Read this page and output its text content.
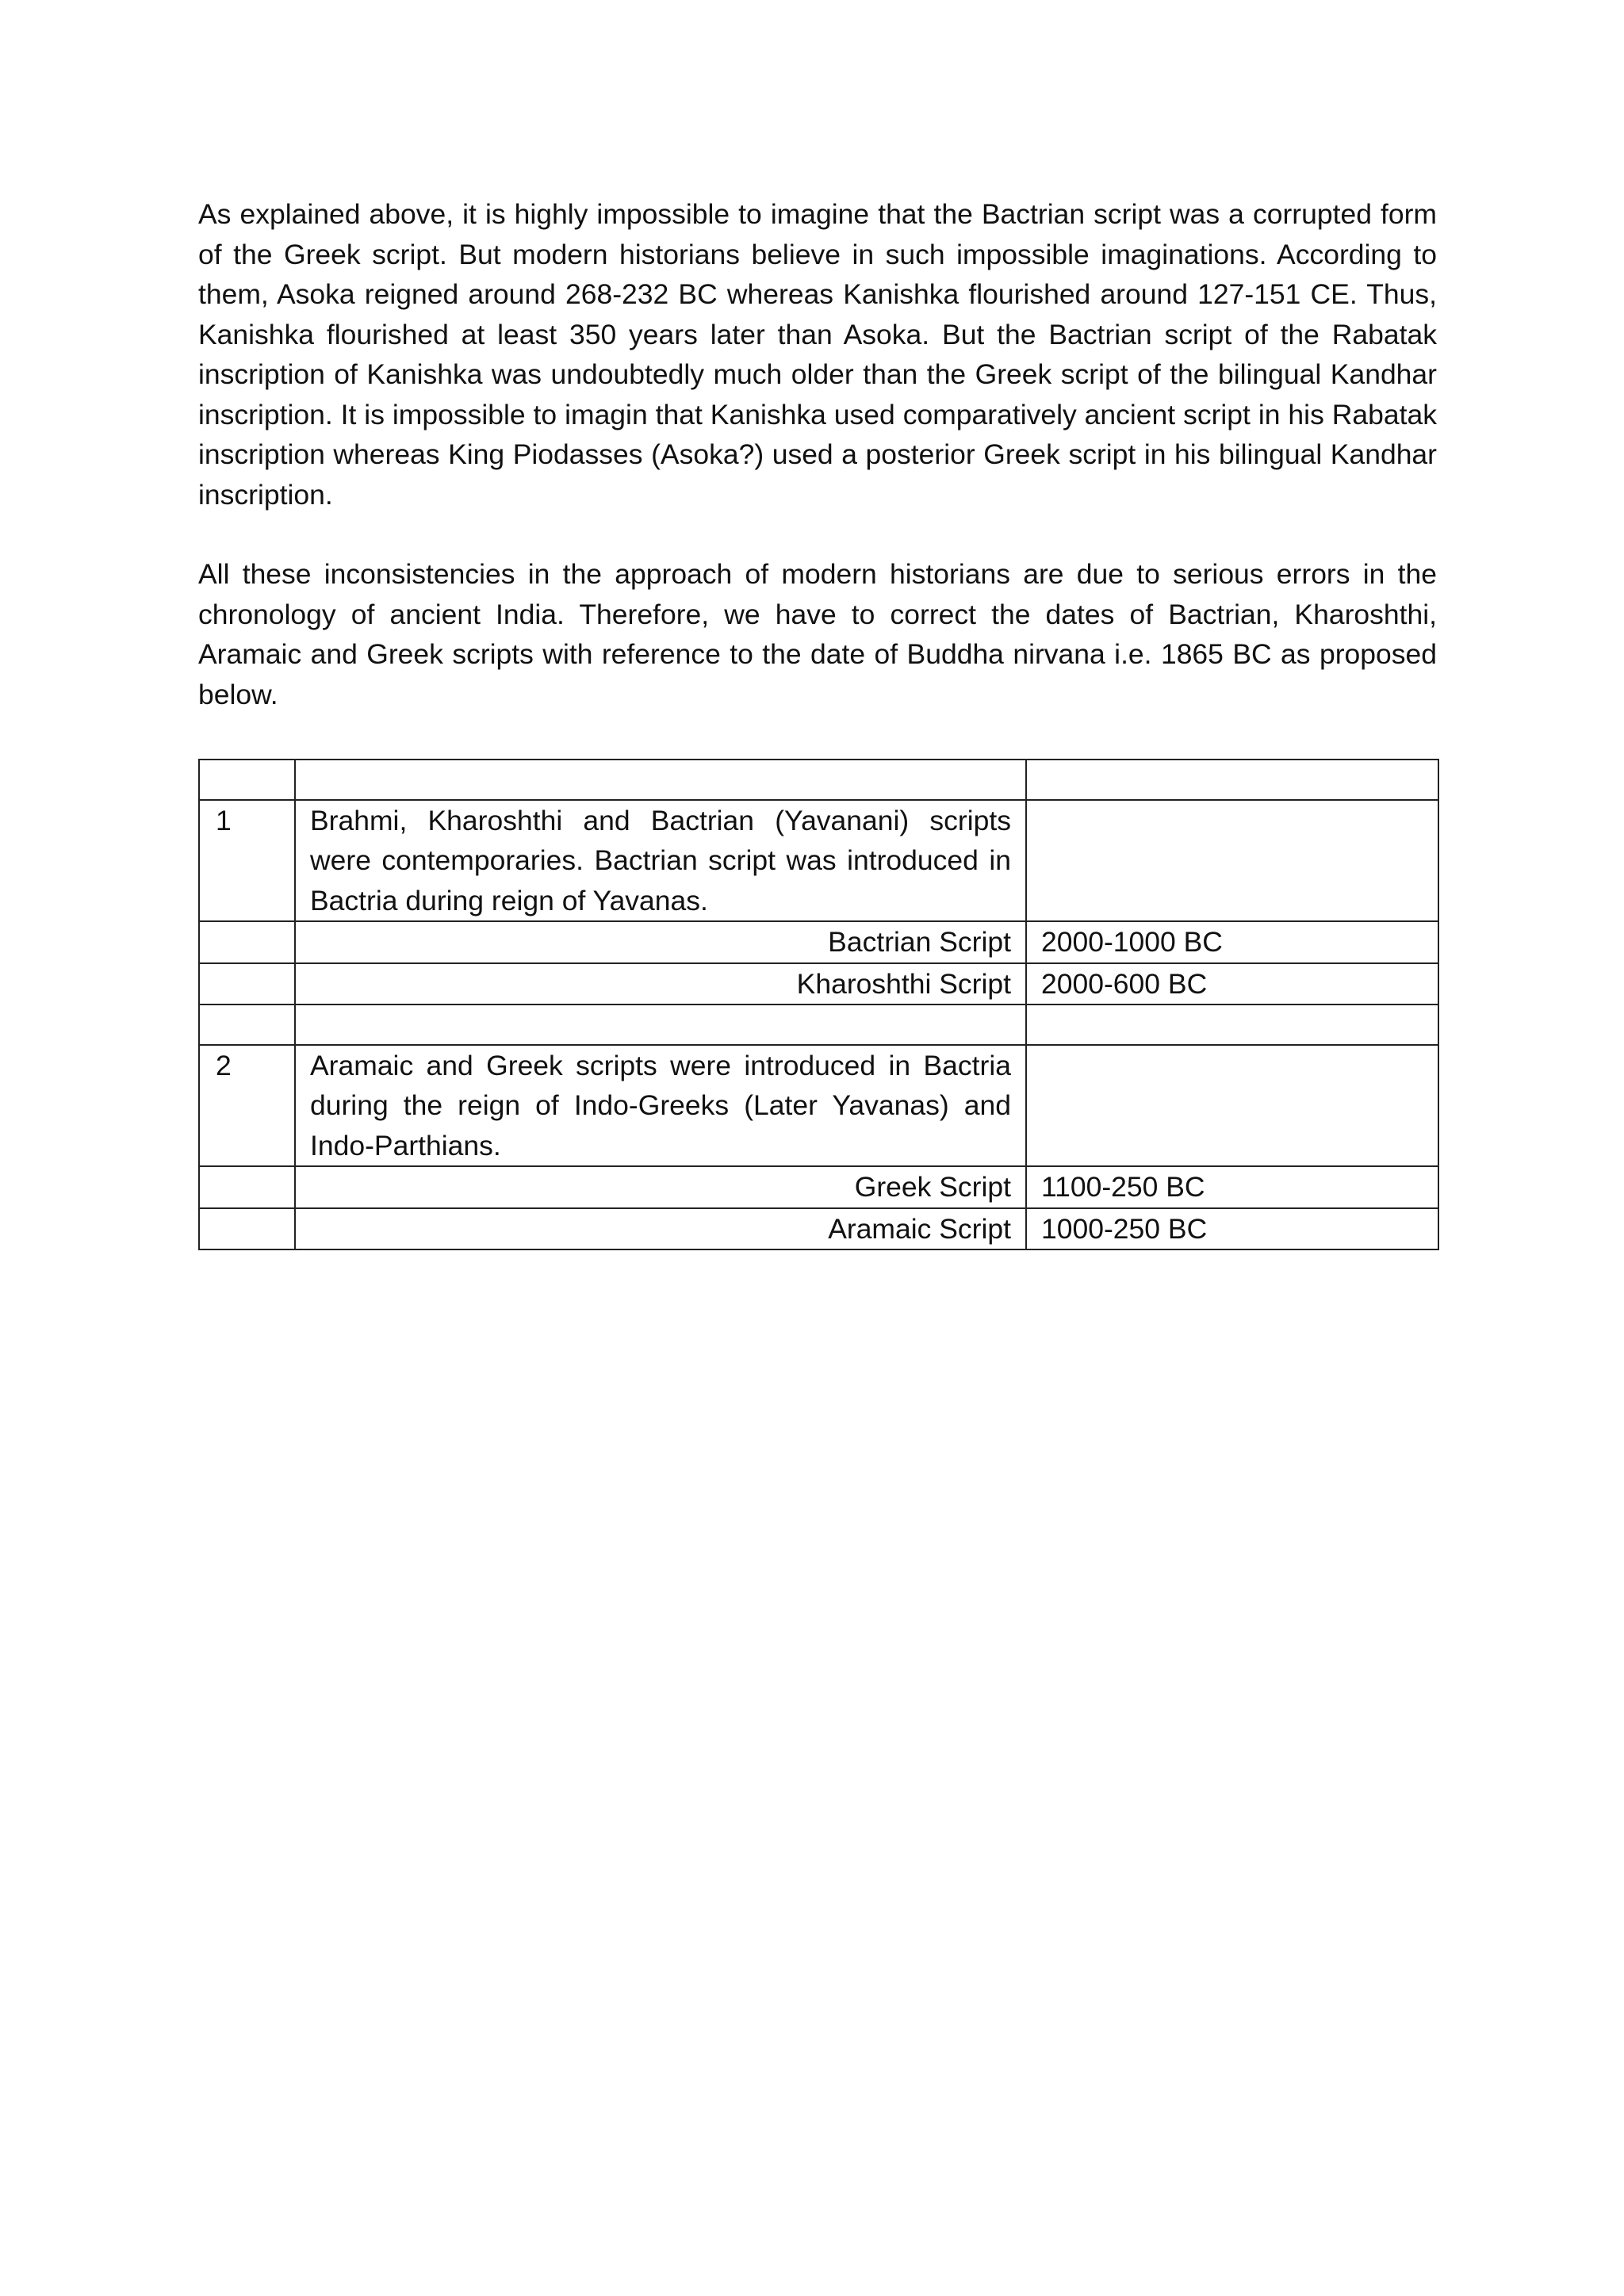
As explained above, it is highly impossible to imagine that the Bactrian script was a corrupted form of the Greek script. But modern historians believe in such impossible imaginations. According to them, Asoka reigned around 268-232 BC whereas Kanishka flourished around 127-151 CE. Thus, Kanishka flourished at least 350 years later than Asoka. But the Bactrian script of the Rabatak inscription of Kanishka was undoubtedly much older than the Greek script of the bilingual Kandhar inscription. It is impossible to imagin that Kanishka used comparatively ancient script in his Rabatak inscription whereas King Piodasses (Asoka?) used a posterior Greek script in his bilingual Kandhar inscription.

All these inconsistencies in the approach of modern historians are due to serious errors in the chronology of ancient India. Therefore, we have to correct the dates of Bactrian, Kharoshthi, Aramaic and Greek scripts with reference to the date of Buddha nirvana i.e. 1865 BC as proposed below.

1	Brahmi, Kharoshthi and Bactrian (Yavanani) scripts were contemporaries. Bactrian script was introduced in Bactria during reign of Yavanas.	
	Bactrian Script	2000-1000 BC
	Kharoshthi Script	2000-600 BC

2	Aramaic and Greek scripts were introduced in Bactria during the reign of Indo-Greeks (Later Yavanas) and Indo-Parthians.	
	Greek Script	1100-250 BC
	Aramaic Script	1000-250 BC
